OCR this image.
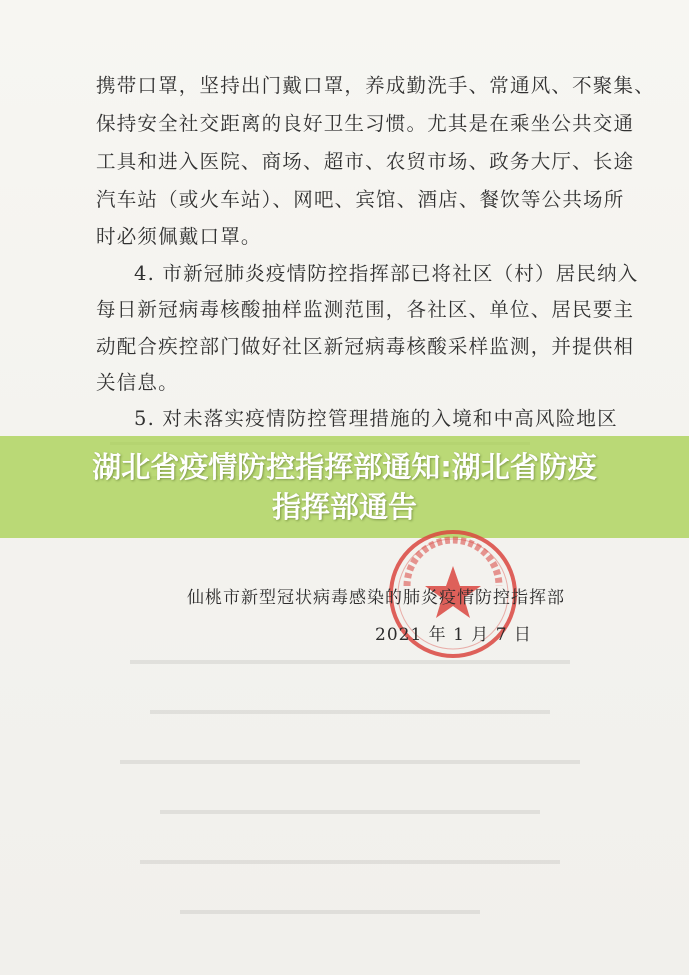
携带口罩，坚持出门戴口罩，养成勤洗手、常通风、不聚集、
保持安全社交距离的良好卫生习惯。尤其是在乘坐公共交通
工具和进入医院、商场、超市、农贸市场、政务大厅、长途
汽车站（或火车站）、网吧、宾馆、酒店、餐饮等公共场所
时必须佩戴口罩。
4. 市新冠肺炎疫情防控指挥部已将社区（村）居民纳入
每日新冠病毒核酸抽样监测范围，各社区、单位、居民要主
动配合疾控部门做好社区新冠病毒核酸采样监测，并提供相
关信息。
5. 对未落实疫情防控管理措施的入境和中高风险地区
湖北省疫情防控指挥部通知:湖北省防疫
指挥部通告
仙桃市新型冠状病毒感染的肺炎疫情防控指挥部
2021 年 1 月 7 日
